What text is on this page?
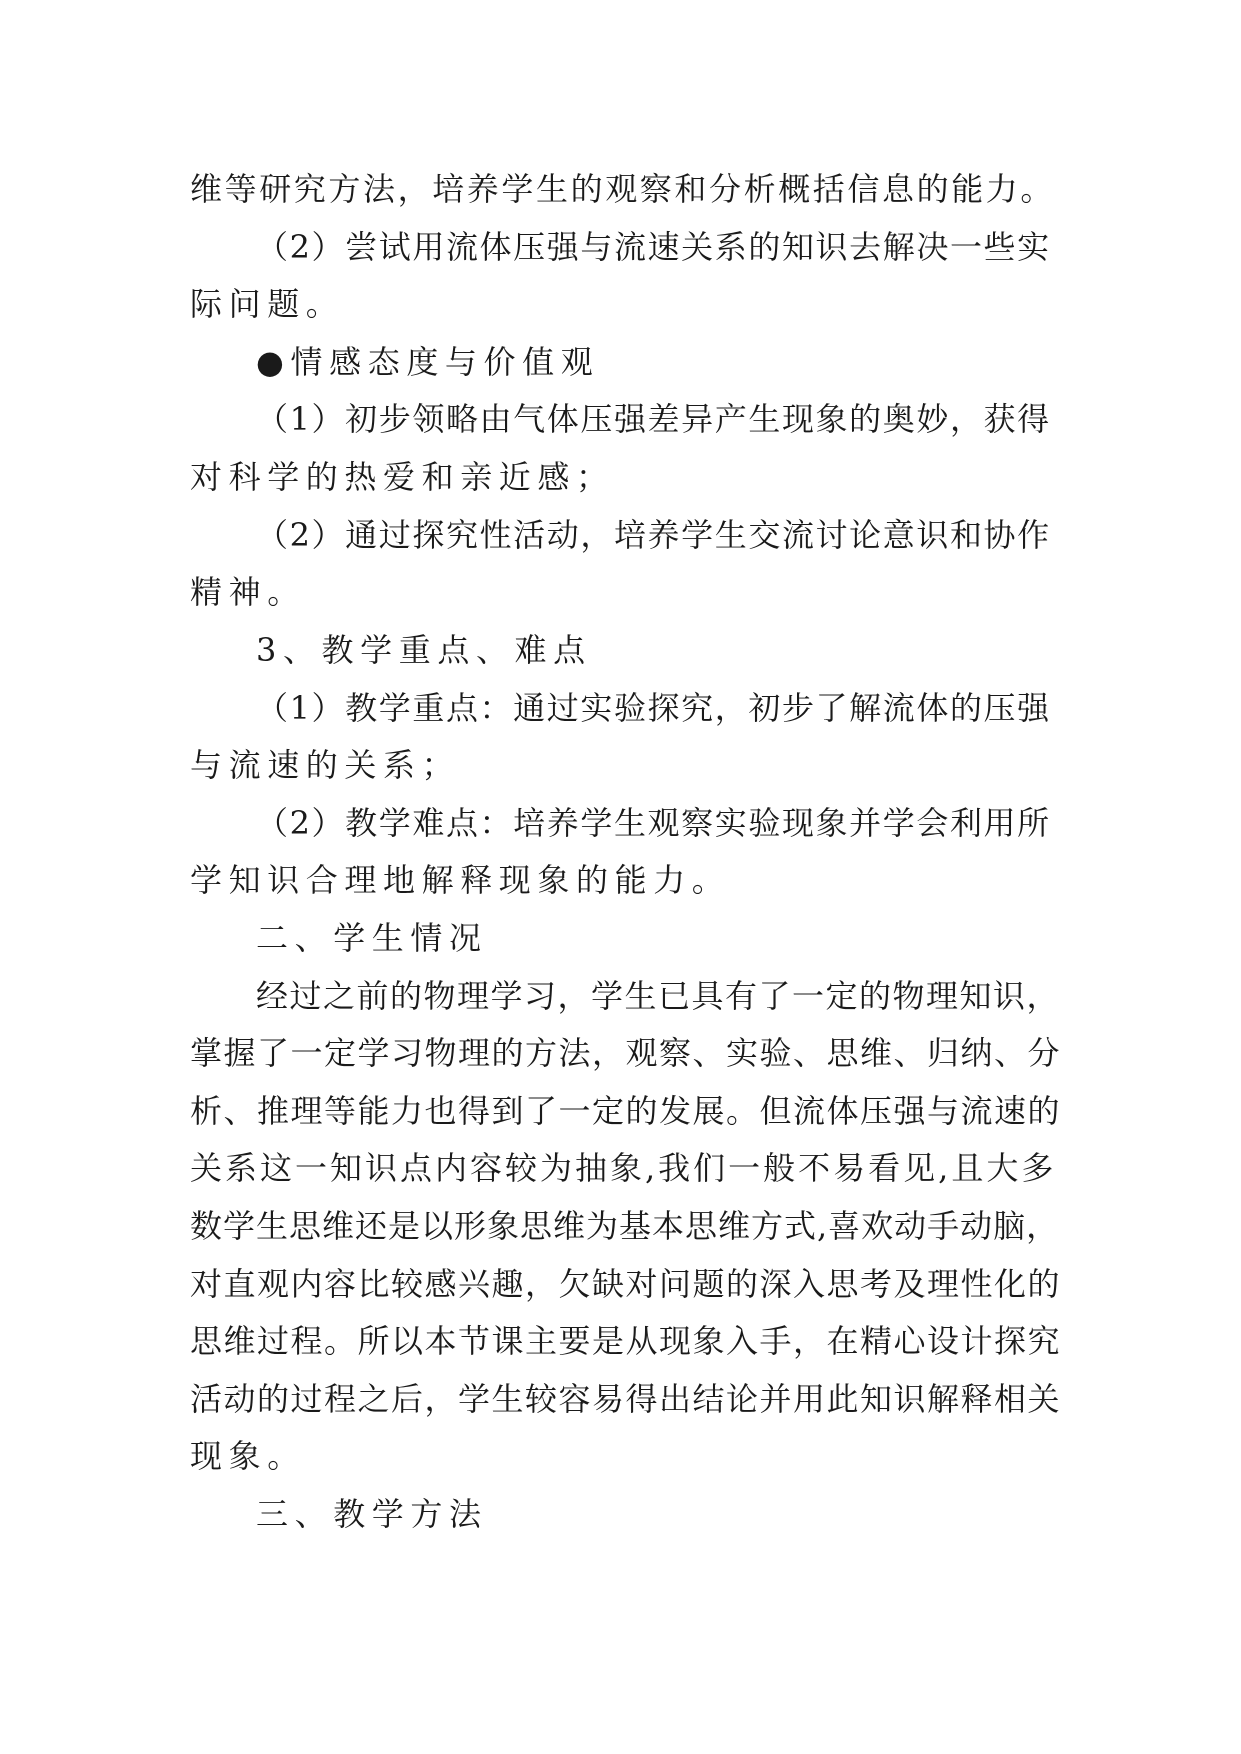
维等研究方法，培养学生的观察和分析概括信息的能力。
（2）尝试用流体压强与流速关系的知识去解决一些实
际问题。
●情感态度与价值观
（1）初步领略由气体压强差异产生现象的奥妙，获得
对科学的热爱和亲近感；
（2）通过探究性活动，培养学生交流讨论意识和协作
精神。
3、教学重点、难点
（1）教学重点：通过实验探究，初步了解流体的压强
与流速的关系；
（2）教学难点：培养学生观察实验现象并学会利用所
学知识合理地解释现象的能力。
二、学生情况
经过之前的物理学习，学生已具有了一定的物理知识，
掌握了一定学习物理的方法，观察、实验、思维、归纳、分
析、推理等能力也得到了一定的发展。但流体压强与流速的
关系这一知识点内容较为抽象,我们一般不易看见,且大多
数学生思维还是以形象思维为基本思维方式,喜欢动手动脑，
对直观内容比较感兴趣，欠缺对问题的深入思考及理性化的
思维过程。所以本节课主要是从现象入手，在精心设计探究
活动的过程之后，学生较容易得出结论并用此知识解释相关
现象。
三、教学方法
